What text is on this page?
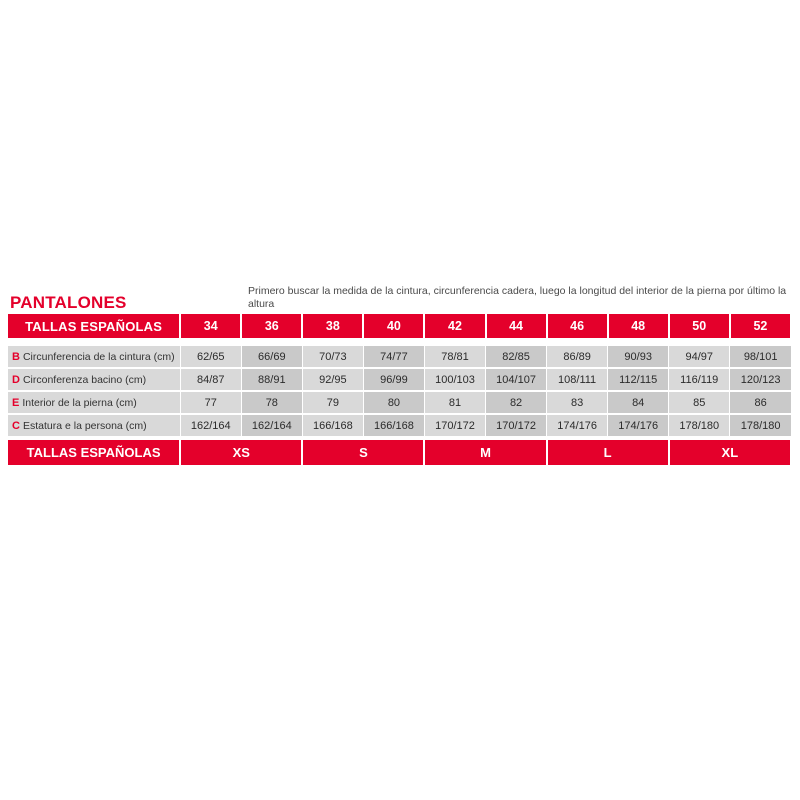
PANTALONES
Primero buscar la medida de la cintura, circunferencia cadera, luego la longitud del interior de la pierna por último la altura
TALLAS ESPAÑOLAS	34	36	38	40	42	44	46	48	50	52

B Circunferencia de la cintura (cm)	62/65	66/69	70/73	74/77	78/81	82/85	86/89	90/93	94/97	98/101
D Circonferenza bacino (cm)	84/87	88/91	92/95	96/99	100/103	104/107	108/111	112/115	116/119	120/123
E Interior de la pierna (cm)	77	78	79	80	81	82	83	84	85	86
C Estatura e la persona (cm)	162/164	162/164	166/168	166/168	170/172	170/172	174/176	174/176	178/180	178/180

TALLAS ESPAÑOLAS	XS		S		M		L		XL	
